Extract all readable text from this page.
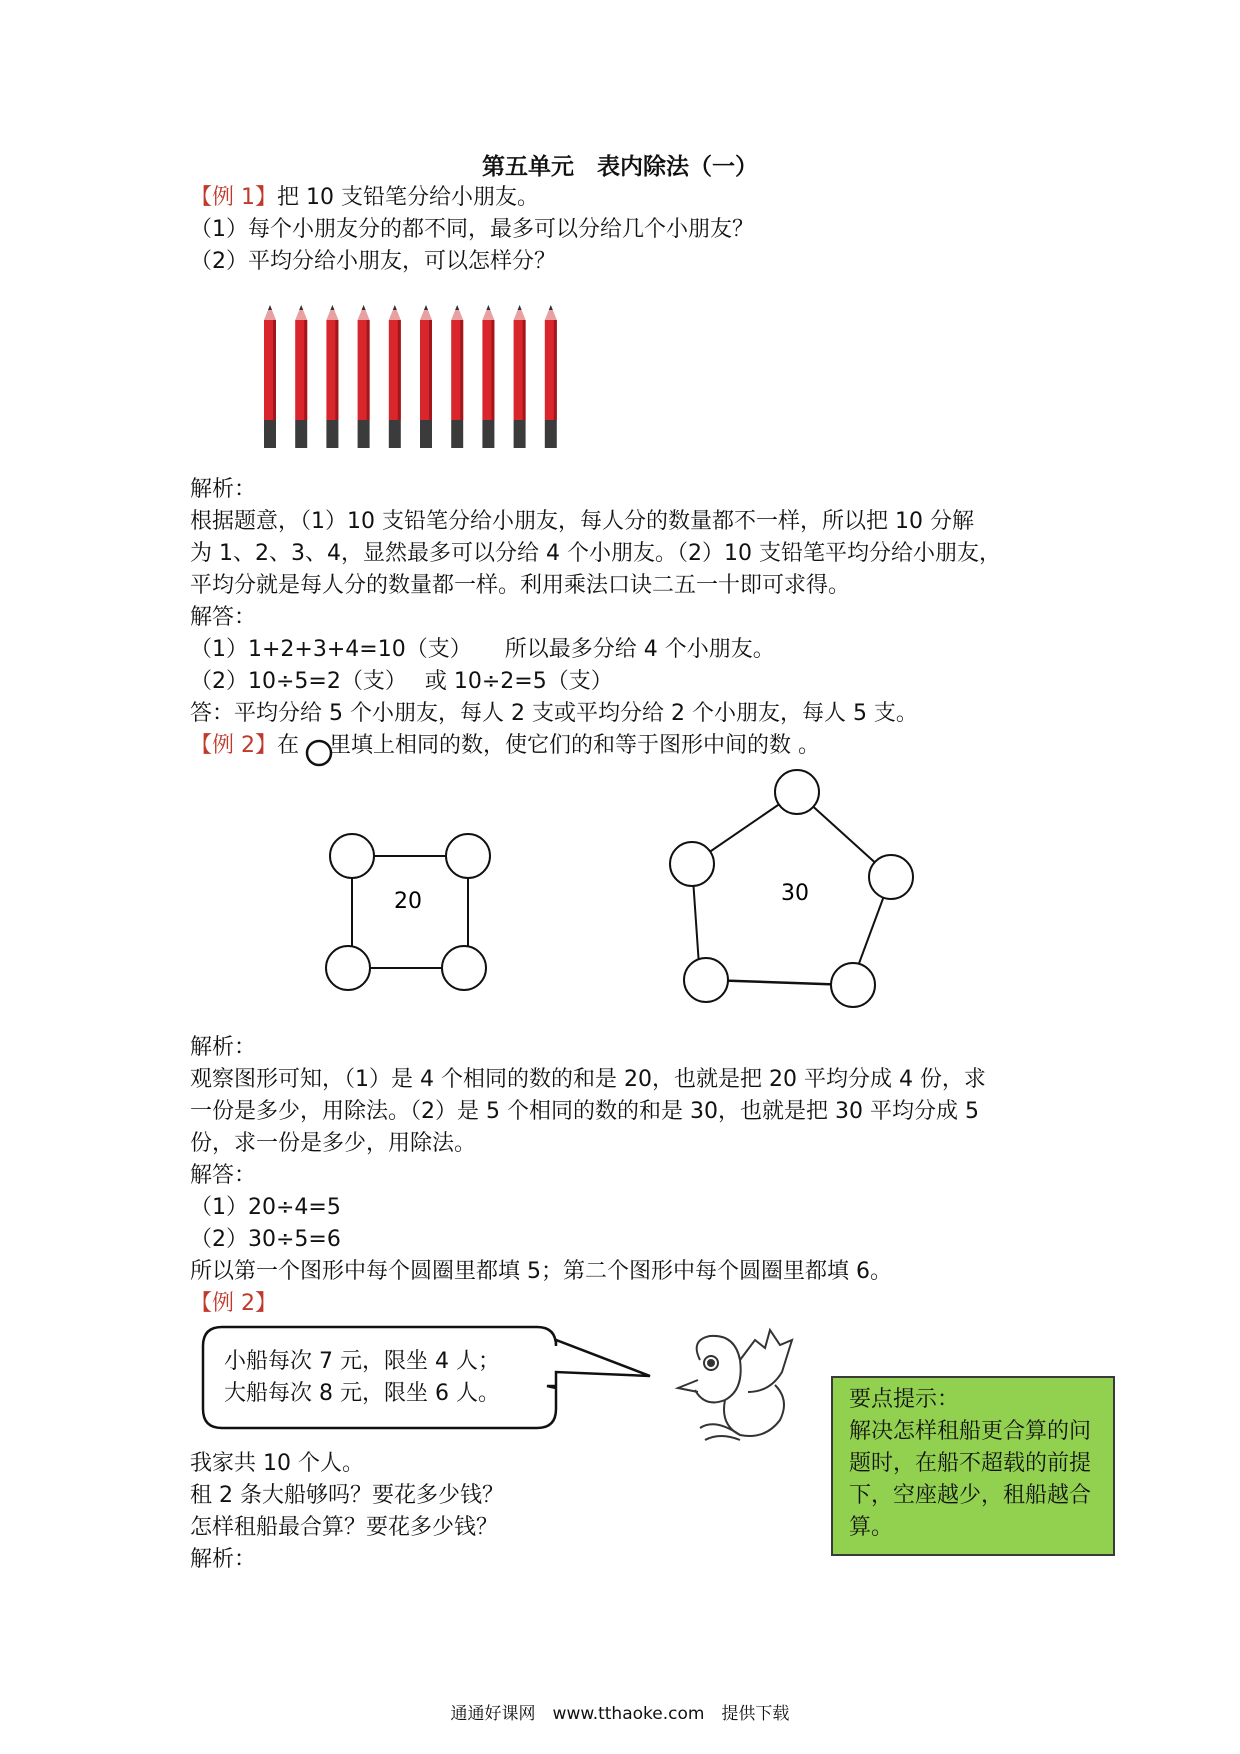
20	30
第五单元　表内除法（一）
【例 1】把 10 支铅笔分给小朋友。
（1）每个小朋友分的都不同，最多可以分给几个小朋友？
（2）平均分给小朋友，可以怎样分？
解析：
根据题意，（1）10 支铅笔分给小朋友，每人分的数量都不一样，所以把 10 分解
为 1、2、3、4，显然最多可以分给 4 个小朋友。（2）10 支铅笔平均分给小朋友，
平均分就是每人分的数量都一样。利用乘法口诀二五一十即可求得。
解答：
（1）1+2+3+4=10（支）　　所以最多分给 4 个小朋友。
（2）10÷5=2（支）　 或 10÷2=5（支）
答：平均分给 5 个小朋友，每人 2 支或平均分给 2 个小朋友，每人 5 支。
【例 2】在 里填上相同的数，使它们的和等于图形中间的数 。
解析：
观察图形可知，（1）是 4 个相同的数的和是 20，也就是把 20 平均分成 4 份，求
一份是多少，用除法。（2）是 5 个相同的数的和是 30，也就是把 30 平均分成 5
份，求一份是多少，用除法。
解答：
（1）20÷4=5
（2）30÷5=6
所以第一个图形中每个圆圈里都填 5；第二个图形中每个圆圈里都填 6。
【例 2】
小船每次 7 元，限坐 4 人；
大船每次 8 元，限坐 6 人。	要点提示：

解决怎样租船更合算的问题时，在船不超载的前提下，空座越少，租船越合算。

我家共 10 个人。
租 2 条大船够吗？要花多少钱？
怎样租船最合算？要花多少钱？
解析：
通通好课网　www.tthaoke.com　提供下载
